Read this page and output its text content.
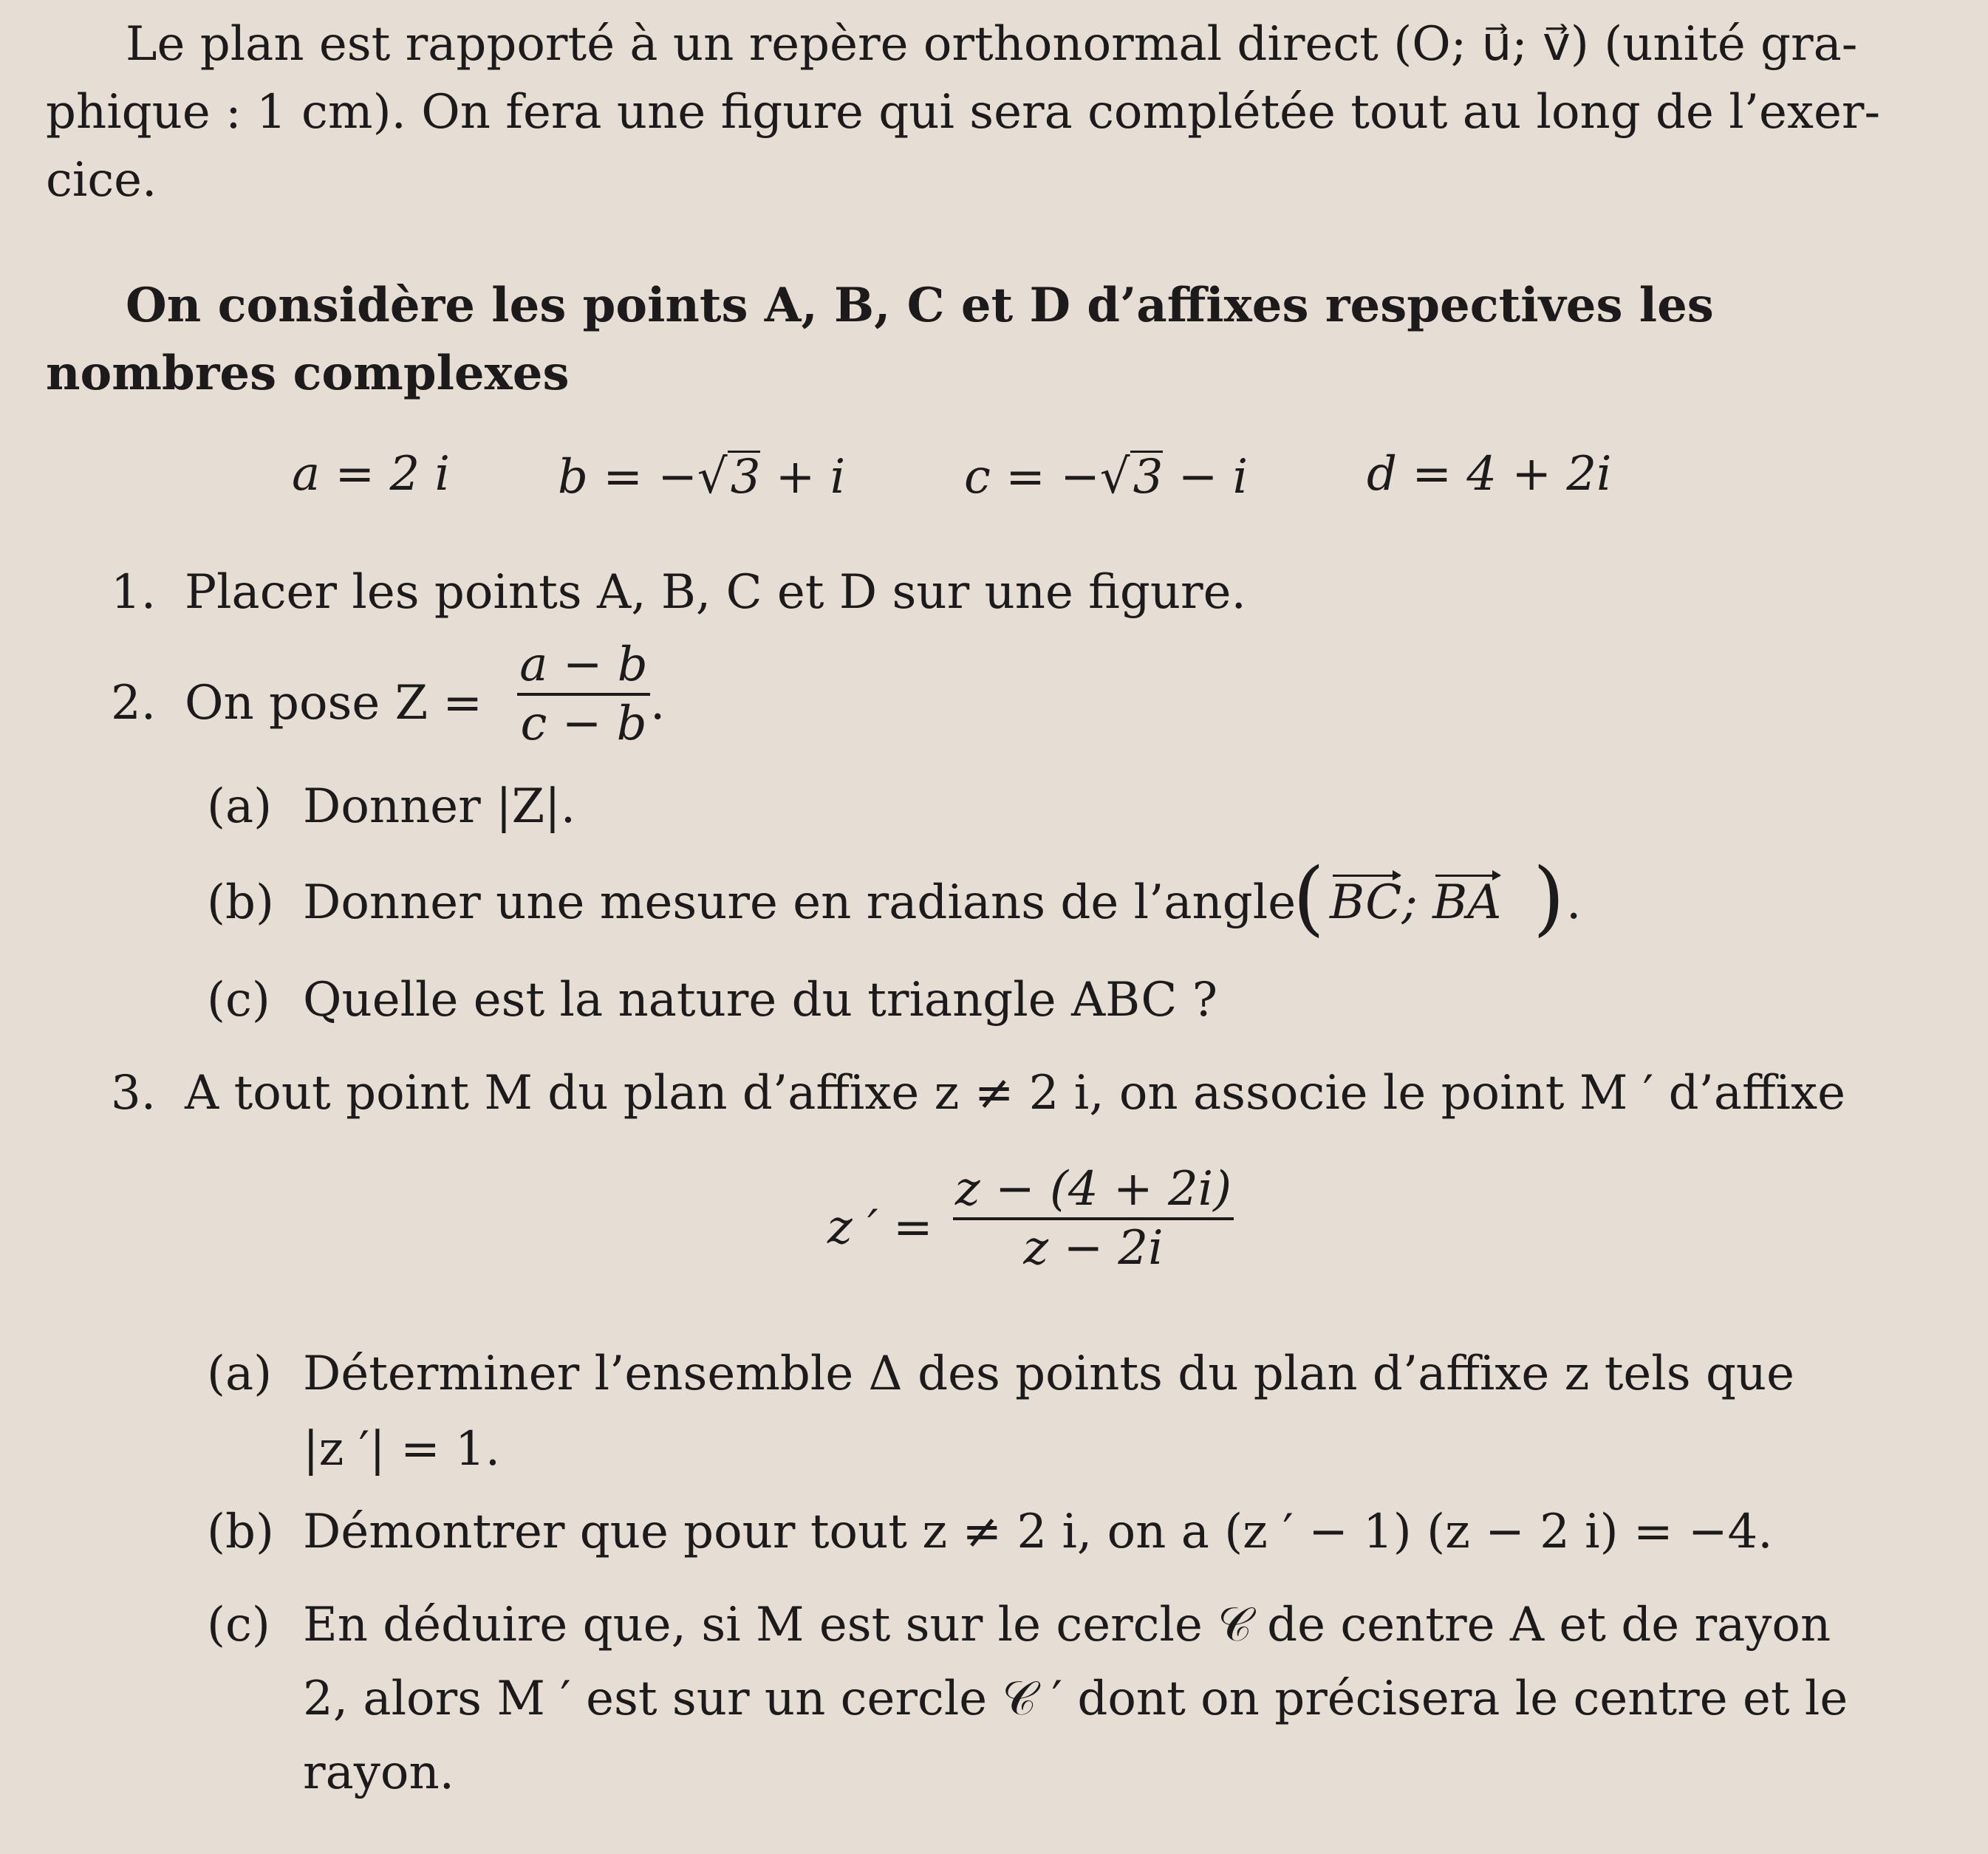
Le plan est rapporté à un repère orthonormal direct (O; u⃗; v⃗) (unité gra-
phique : 1 cm). On fera une figure qui sera complétée tout au long de l’exer-
cice.
On considère les points A, B, C et D d’affixes respectives les
nombres complexes
a = 2 i b = −√3 + i	c = −√3 − i	d = 4 + 2i
1. Placer les points A, B, C et D sur une figure.
2. On pose Z =
a − b
c − b .
(a) Donner |Z|.
(b) Donner une mesure en radians de l’angle
( BC; BA ) .
(c) Quelle est la nature du triangle ABC ?
3. A tout point M du plan d’affixe z ≠ 2 i, on associe le point M ′ d’affixe
z ′ =
z − (4 + 2i)
z − 2i
(a) Déterminer l’ensemble Δ des points du plan d’affixe z tels que
|z ′| = 1.
(b) Démontrer que pour tout z ≠ 2 i, on a (z ′ − 1) (z − 2 i) = −4.
(c) En déduire que, si M est sur le cercle 𝒞 de centre A et de rayon
2, alors M ′ est sur un cercle 𝒞 ′ dont on précisera le centre et le
rayon.
